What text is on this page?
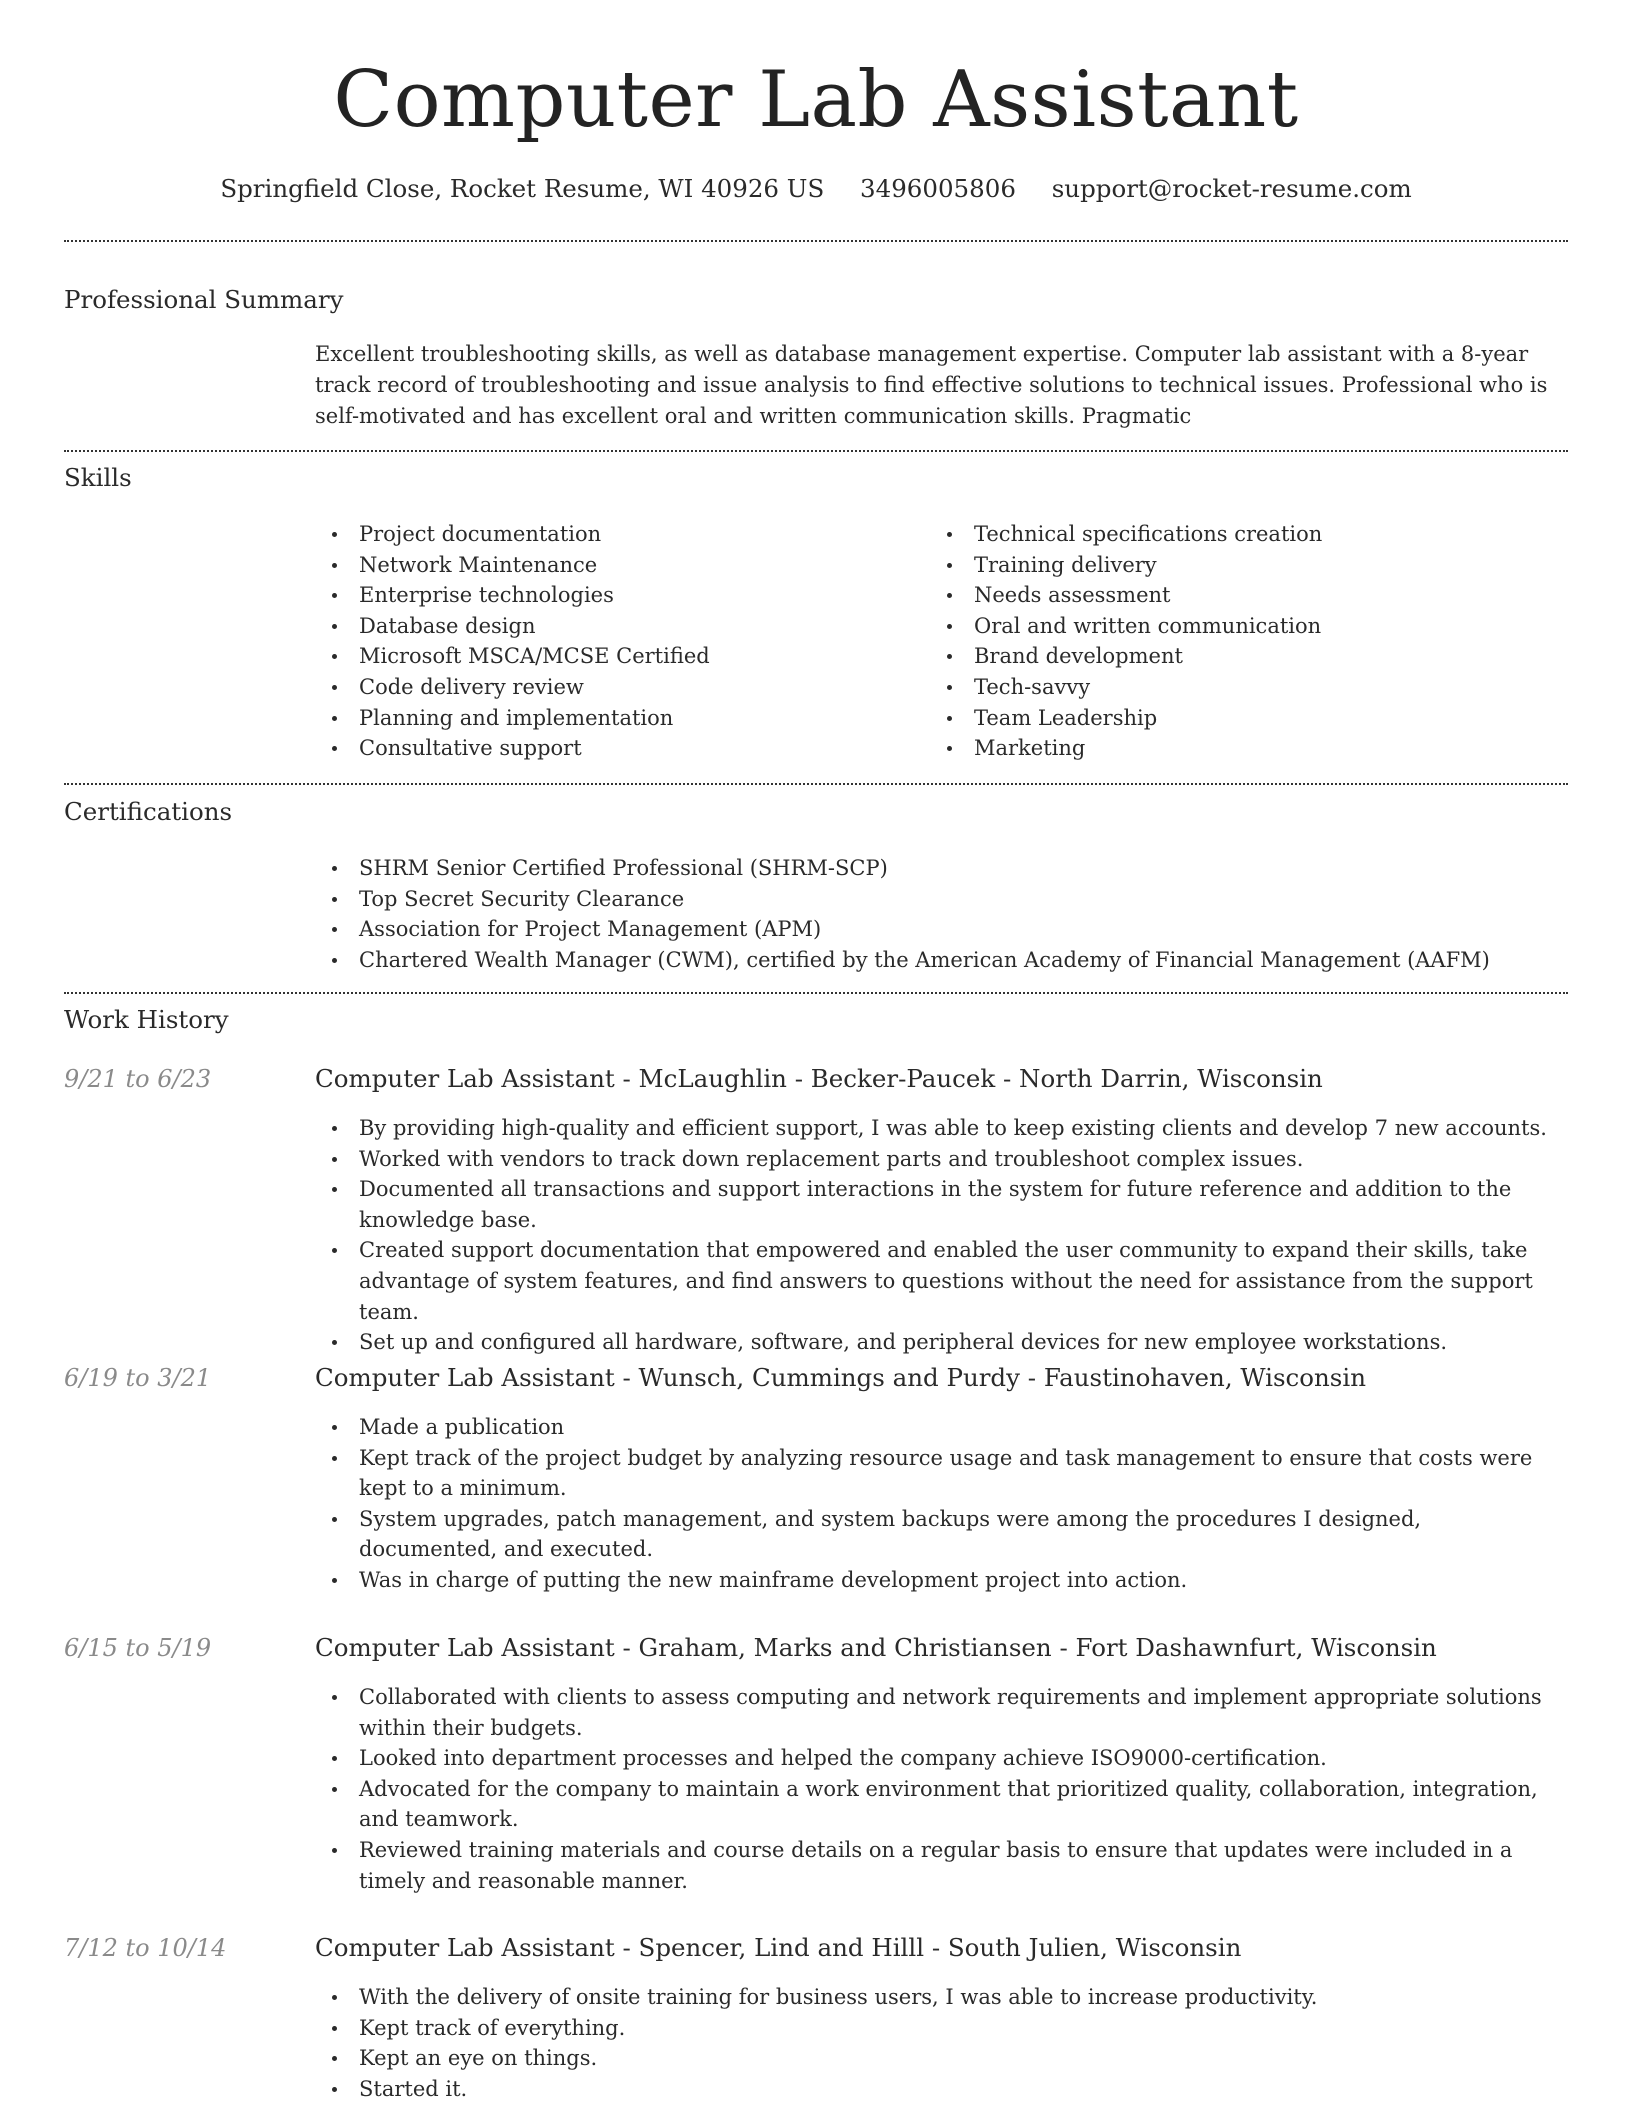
Computer Lab Assistant
Springfield Close, Rocket Resume, WI 40926 US 3496005806 support@rocket-resume.com
Professional Summary
Excellent troubleshooting skills, as well as database management expertise. Computer lab assistant with a 8-year track record of troubleshooting and issue analysis to find effective solutions to technical issues. Professional who is self-motivated and has excellent oral and written communication skills. Pragmatic
Skills
Project documentation
Network Maintenance
Enterprise technologies
Database design
Microsoft MSCA/MCSE Certified
Code delivery review
Planning and implementation
Consultative support
Technical specifications creation
Training delivery
Needs assessment
Oral and written communication
Brand development
Tech-savvy
Team Leadership
Marketing
Certifications
SHRM Senior Certified Professional (SHRM-SCP)
Top Secret Security Clearance
Association for Project Management (APM)
Chartered Wealth Manager (CWM), certified by the American Academy of Financial Management (AAFM)
Work History
9/21 to 6/23	Computer Lab Assistant - McLaughlin - Becker-Paucek - North Darrin, Wisconsin
By providing high-quality and efficient support, I was able to keep existing clients and develop 7 new accounts.
Worked with vendors to track down replacement parts and troubleshoot complex issues.
Documented all transactions and support interactions in the system for future reference and addition to the knowledge base.
Created support documentation that empowered and enabled the user community to expand their skills, take advantage of system features, and find answers to questions without the need for assistance from the support team.
Set up and configured all hardware, software, and peripheral devices for new employee workstations.
6/19 to 3/21	Computer Lab Assistant - Wunsch, Cummings and Purdy - Faustinohaven, Wisconsin
Made a publication
Kept track of the project budget by analyzing resource usage and task management to ensure that costs were kept to a minimum.
System upgrades, patch management, and system backups were among the procedures I designed, documented, and executed.
Was in charge of putting the new mainframe development project into action.
6/15 to 5/19	Computer Lab Assistant - Graham, Marks and Christiansen - Fort Dashawnfurt, Wisconsin
Collaborated with clients to assess computing and network requirements and implement appropriate solutions within their budgets.
Looked into department processes and helped the company achieve ISO9000-certification.
Advocated for the company to maintain a work environment that prioritized quality, collaboration, integration, and teamwork.
Reviewed training materials and course details on a regular basis to ensure that updates were included in a timely and reasonable manner.
7/12 to 10/14	Computer Lab Assistant - Spencer, Lind and Hilll - South Julien, Wisconsin
With the delivery of onsite training for business users, I was able to increase productivity.
Kept track of everything.
Kept an eye on things.
Started it.
